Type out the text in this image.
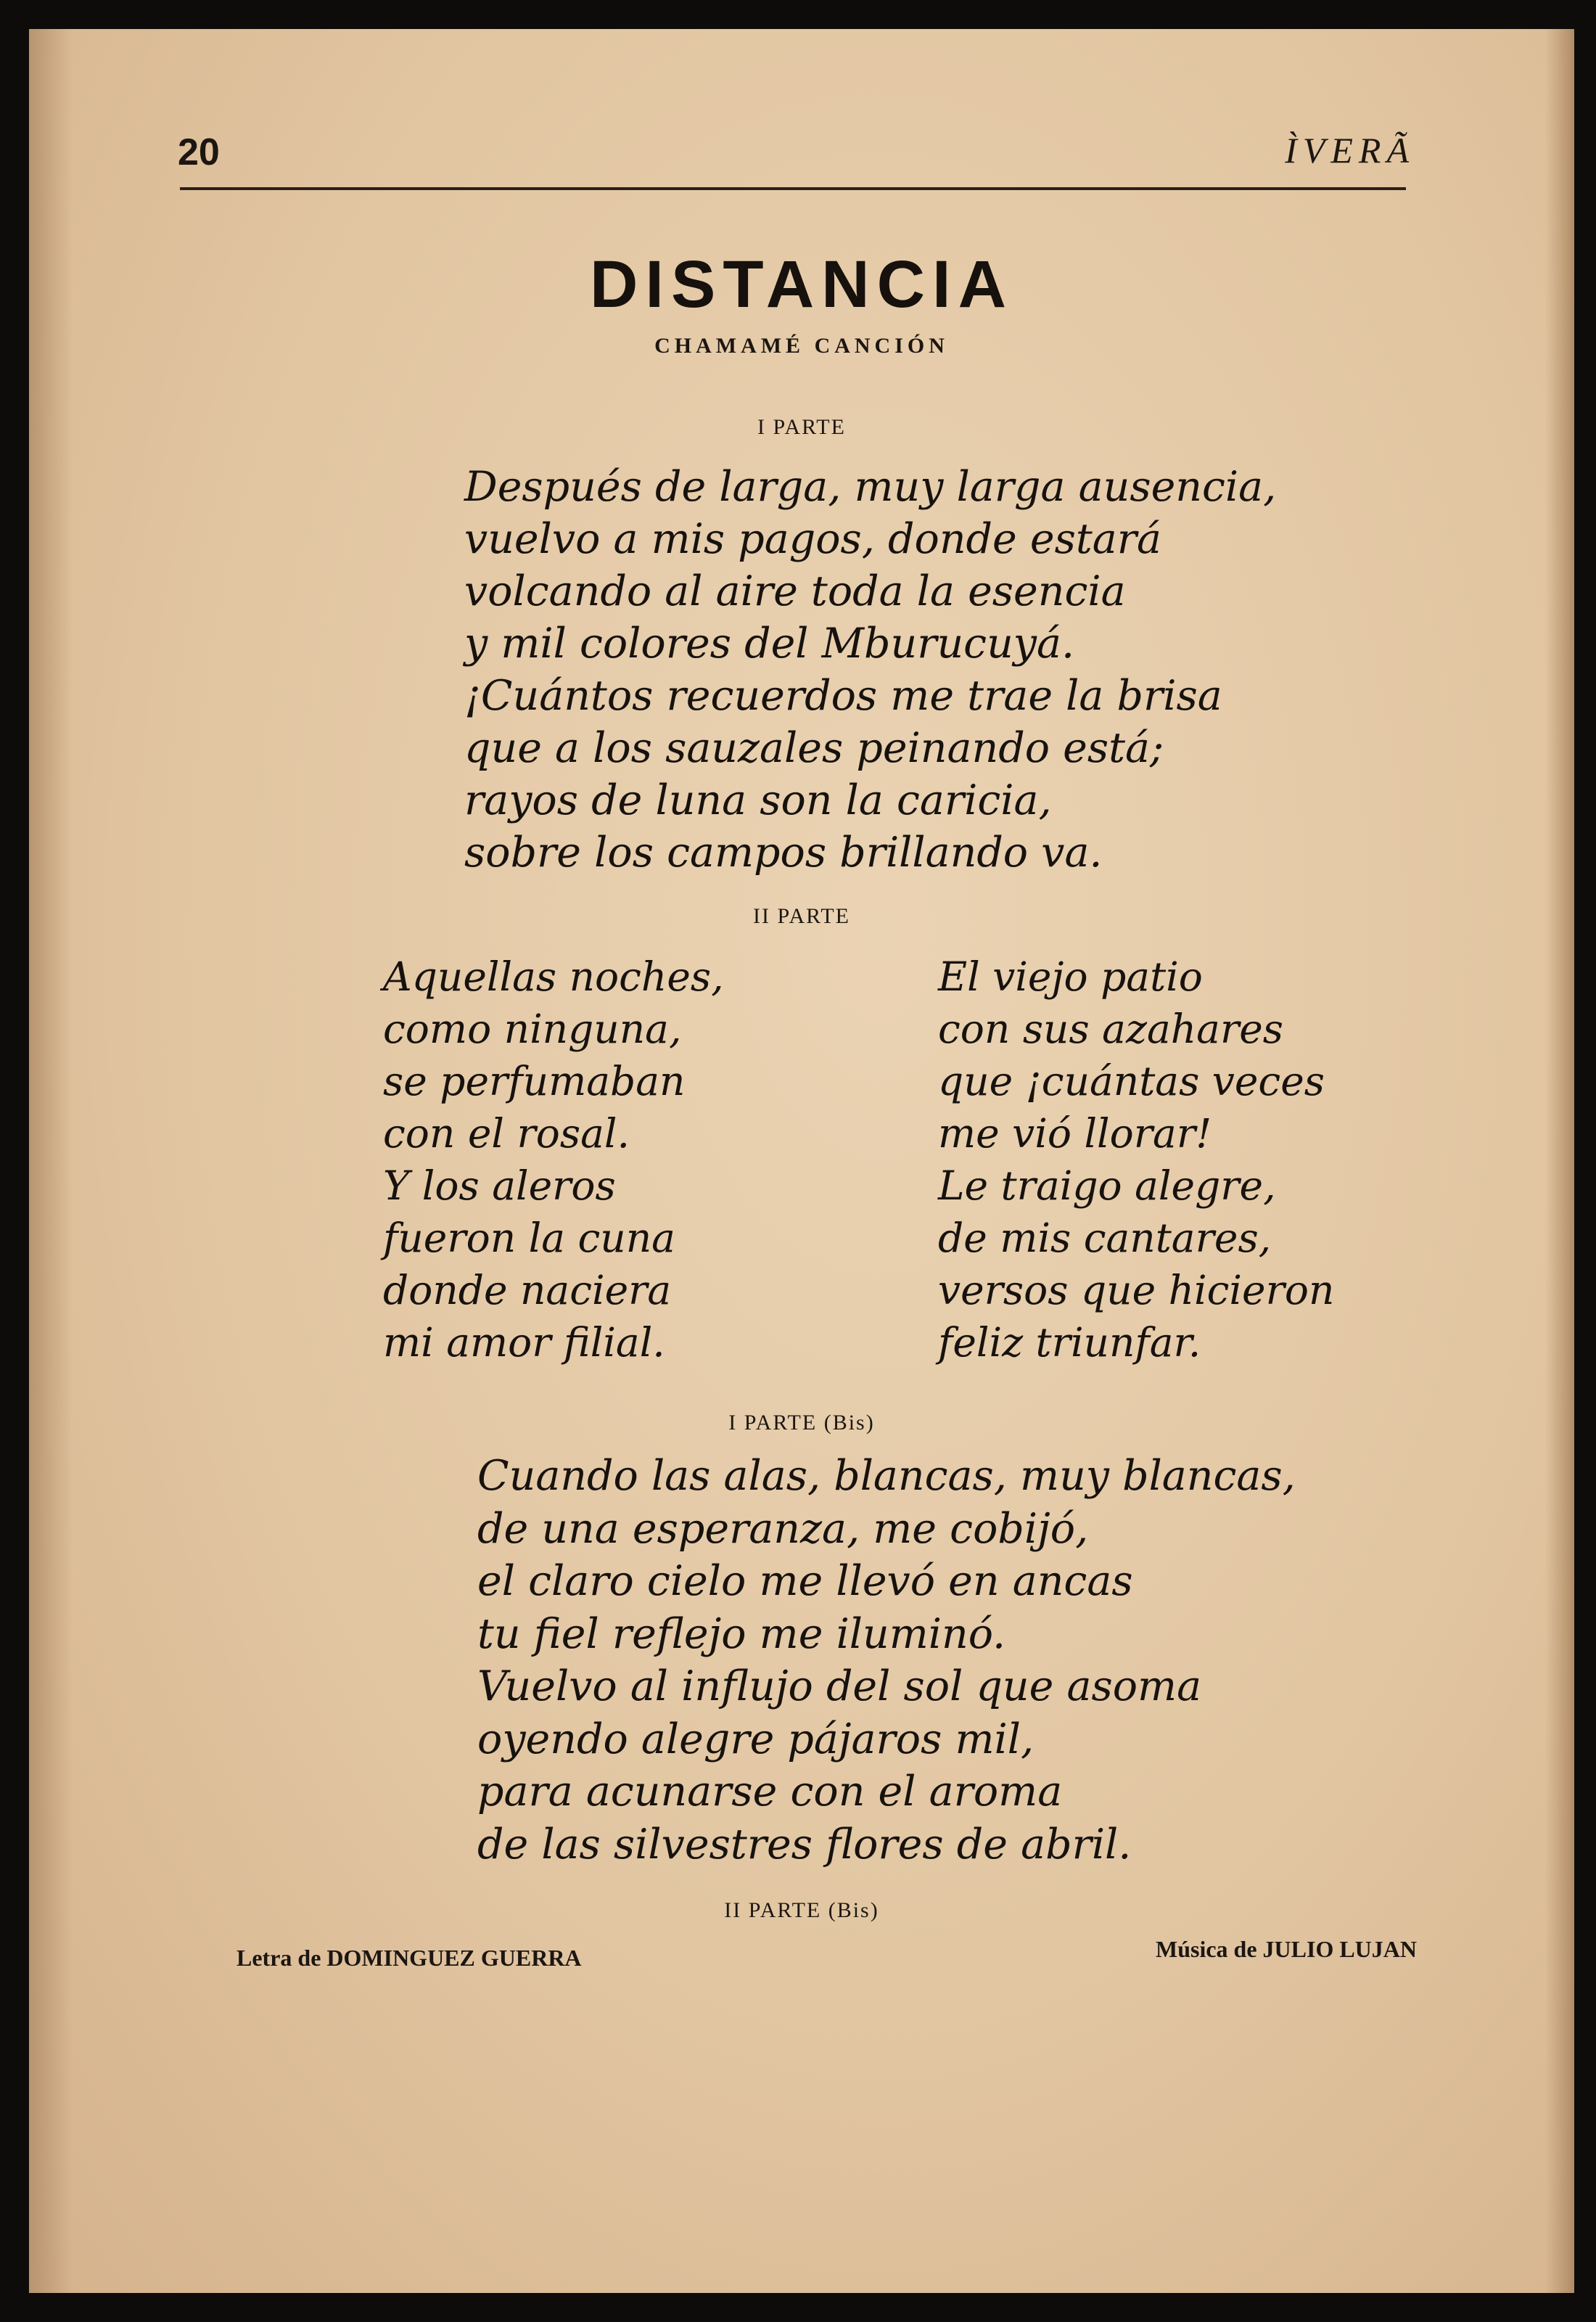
20	ÌVERÃ
DISTANCIA
CHAMAMÉ CANCIÓN
I PARTE
Después de larga, muy larga ausencia,
vuelvo a mis pagos, donde estará
volcando al aire toda la esencia
y mil colores del Mburucuyá.
¡Cuántos recuerdos me trae la brisa
que a los sauzales peinando está;
rayos de luna son la caricia,
sobre los campos brillando va.
II PARTE
Aquellas noches,
como ninguna,
se perfumaban
con el rosal.
Y los aleros
fueron la cuna
donde naciera
mi amor filial.
El viejo patio
con sus azahares
que ¡cuántas veces
me vió llorar!
Le traigo alegre,
de mis cantares,
versos que hicieron
feliz triunfar.
I PARTE (Bis)
Cuando las alas, blancas, muy blancas,
de una esperanza, me cobijó,
el claro cielo me llevó en ancas
tu fiel reflejo me iluminó.
Vuelvo al influjo del sol que asoma
oyendo alegre pájaros mil,
para acunarse con el aroma
de las silvestres flores de abril.
II PARTE (Bis)
Letra de DOMINGUEZ GUERRA	Música de JULIO LUJAN
